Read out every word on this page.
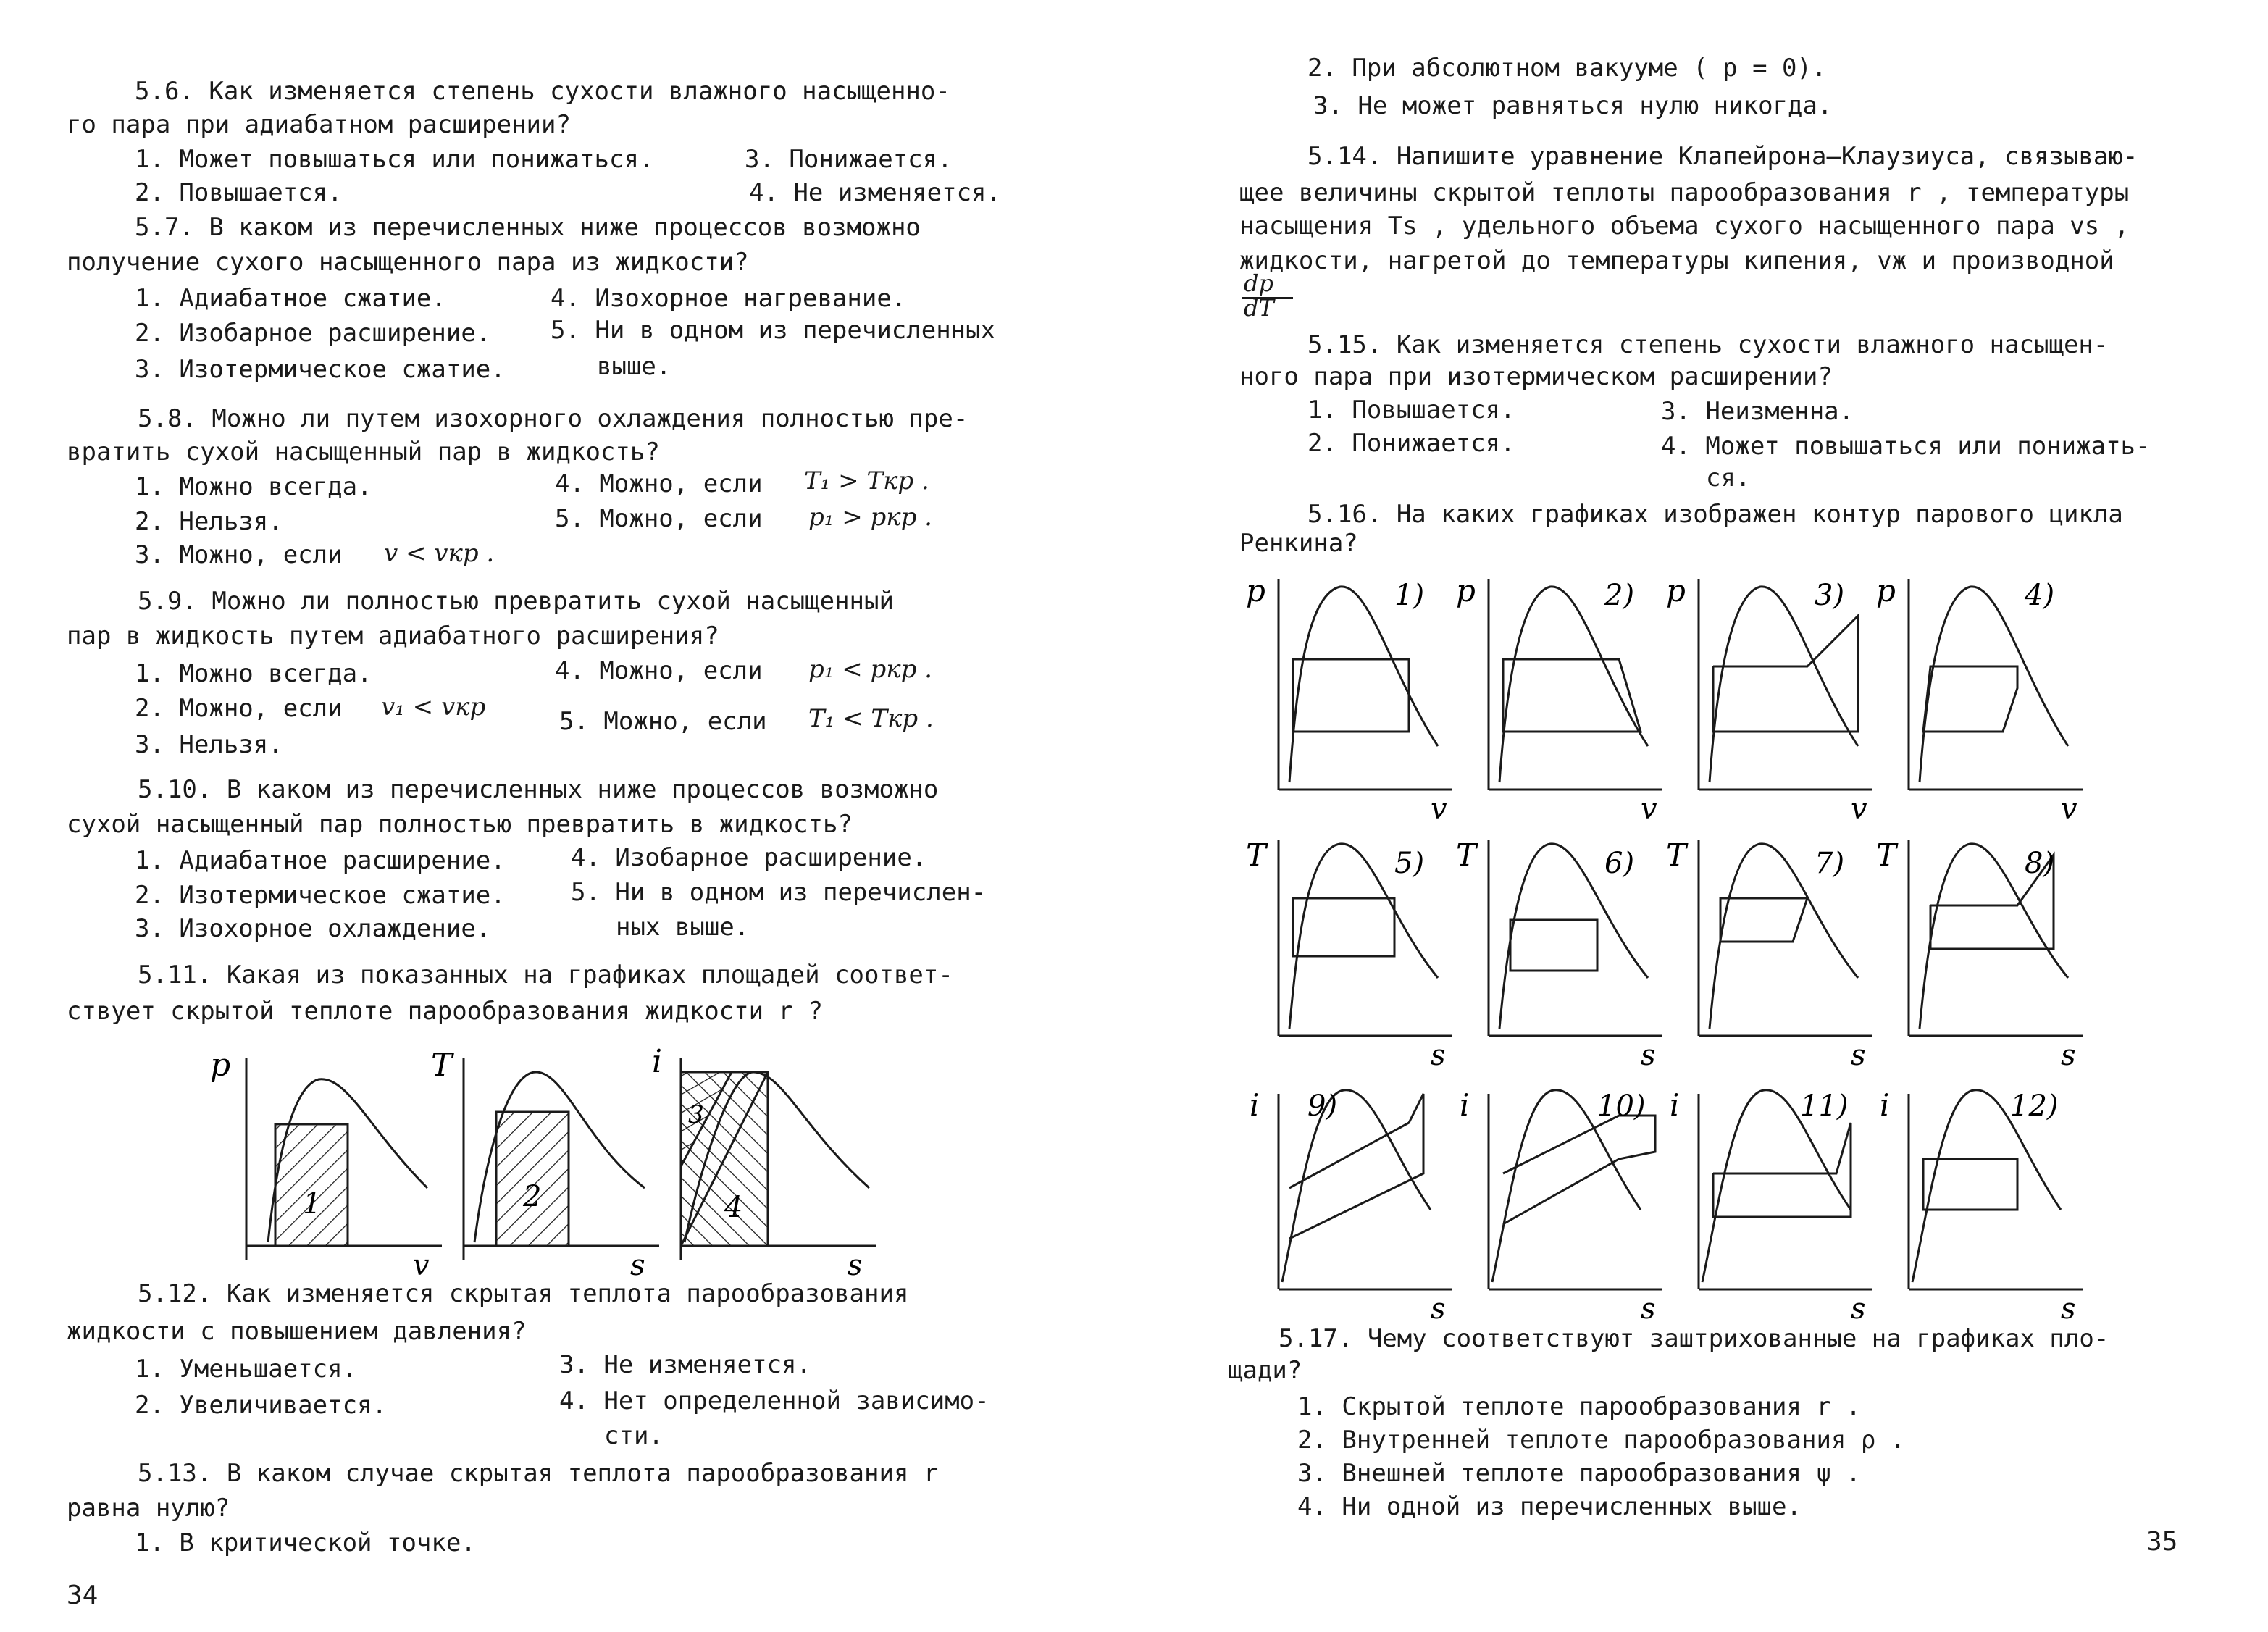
5.6. Как изменяется степень сухости влажного насыщенно-
го пара при адиабатном расширении?
1. Может повышаться или понижаться.	3. Понижается.
2. Повышается.	4. Не изменяется.
5.7. В каком из перечисленных ниже процессов возможно
получение сухого насыщенного пара из жидкости?
1. Адиабатное сжатие.	4. Изохорное нагревание.
2. Изобарное расширение. 5. Ни в одном из перечисленных
3. Изотермическое сжатие.	выше.
5.8. Можно ли путем изохорного охлаждения полностью пре-
вратить сухой насыщенный пар в жидкость?
1. Можно всегда.	4. Можно, если T₁ > Tкр .
2. Нельзя.	5. Можно, если p₁ > pкр .
3. Можно, если v < vкр .
5.9. Можно ли полностью превратить сухой насыщенный
пар в жидкость путем адиабатного расширения?
1. Можно всегда.	4. Можно, если p₁ < pкр .
2. Можно, если v₁ < vкр	5. Можно, если T₁ < Tкр .
3. Нельзя.
5.10. В каком из перечисленных ниже процессов возможно
сухой насыщенный пар полностью превратить в жидкость?
1. Адиабатное расширение.	4. Изобарное расширение.
2. Изотермическое сжатие.	5. Ни в одном из перечислен-
3. Изохорное охлаждение.	ных выше.
5.11. Какая из показанных на графиках площадей соответ-
ствует скрытой теплоте парообразования жидкости r ?
p
v
T
s
i
s
1	2
3
4
5.12. Как изменяется скрытая теплота парообразования
жидкости с повышением давления?
1. Уменьшается.	3. Не изменяется.
2. Увеличивается.	4. Нет определенной зависимо-
сти.
5.13. В каком случае скрытая теплота парообразования r
равна нулю?
1. В критической точке.
34
2. При абсолютном вакууме ( p = 0).
3. Не может равняться нулю никогда.
5.14. Напишите уравнение Клапейрона–Клаузиуса, связываю-
щее величины скрытой теплоты парообразования r , температуры
насыщения Ts , удельного объема сухого насыщенного пара vs ,
жидкости, нагретой до температуры кипения, vж и производной
dp
dT
5.15. Как изменяется степень сухости влажного насыщен-
ного пара при изотермическом расширении?
1. Повышается.	3. Неизменна.
2. Понижается.	4. Может повышаться или понижать-
ся.
5.16. На каких графиках изображен контур парового цикла
Ренкина?
1)	2)	3)	4)
5)	6)	7)	8)
9)	10)	11)	12)
p	p	p	p
T	T	T	T
i	i	i	i
v	v	v	v
s	s	s	s
s	s	s	s
5.17. Чему соответствуют заштрихованные на графиках пло-
щади?
1. Скрытой теплоте парообразования r .
2. Внутренней теплоте парообразования ρ .
3. Внешней теплоте парообразования ψ .
4. Ни одной из перечисленных выше.
35
